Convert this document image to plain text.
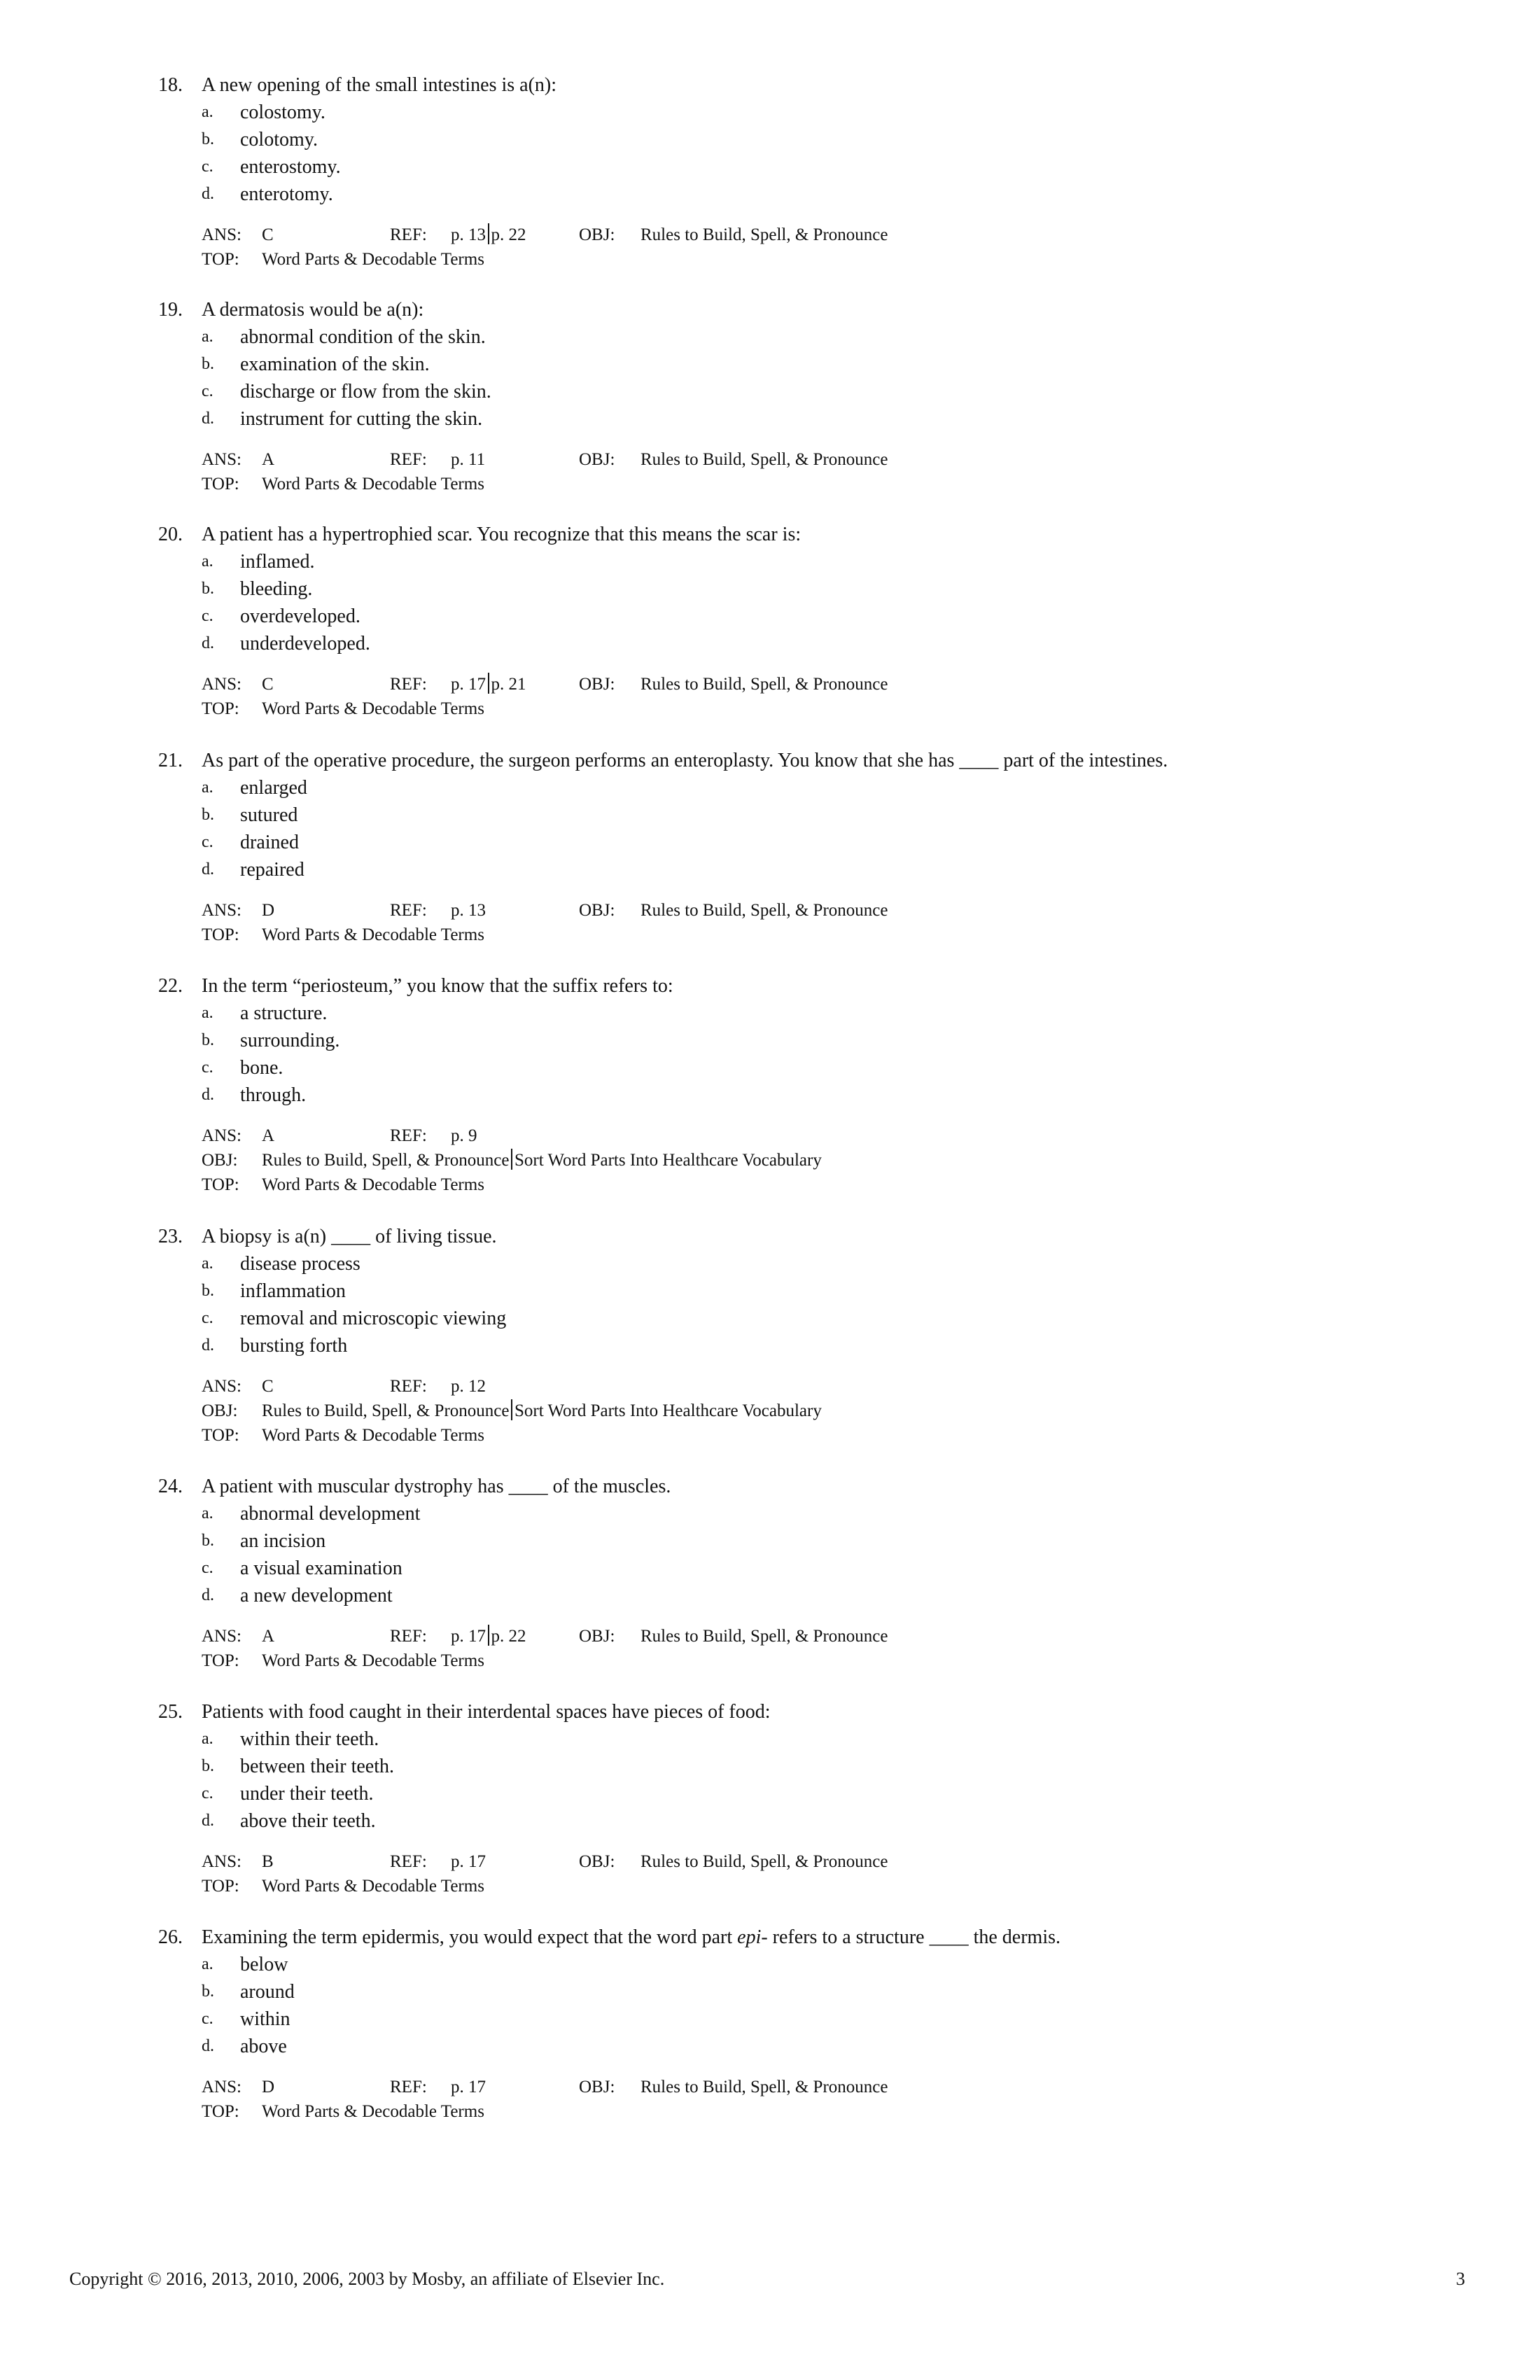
18. A new opening of the small intestines is a(n):
a. colostomy.
b. colotomy.
c. enterostomy.
d. enterotomy.
ANS: C	REF: p. 13 p. 22	OBJ: Rules to Build, Spell, & Pronounce
TOP: Word Parts & Decodable Terms
19. A dermatosis would be a(n):
a. abnormal condition of the skin.
b. examination of the skin.
c. discharge or flow from the skin.
d. instrument for cutting the skin.
ANS: A	REF: p. 11	OBJ: Rules to Build, Spell, & Pronounce
TOP: Word Parts & Decodable Terms
20. A patient has a hypertrophied scar. You recognize that this means the scar is:
a. inflamed.
b. bleeding.
c. overdeveloped.
d. underdeveloped.
ANS: C	REF: p. 17 p. 21	OBJ: Rules to Build, Spell, & Pronounce
TOP: Word Parts & Decodable Terms
21. As part of the operative procedure, the surgeon performs an enteroplasty. You know that she has ____ part of the intestines.
a. enlarged
b. sutured
c. drained
d. repaired
ANS: D	REF: p. 13	OBJ: Rules to Build, Spell, & Pronounce
TOP: Word Parts & Decodable Terms
22. In the term “periosteum,” you know that the suffix refers to:
a. a structure.
b. surrounding.
c. bone.
d. through.
ANS: A	REF: p. 9
OBJ: Rules to Build, Spell, & Pronounce Sort Word Parts Into Healthcare Vocabulary
TOP: Word Parts & Decodable Terms
23. A biopsy is a(n) ____ of living tissue.
a. disease process
b. inflammation
c. removal and microscopic viewing
d. bursting forth
ANS: C	REF: p. 12
OBJ: Rules to Build, Spell, & Pronounce Sort Word Parts Into Healthcare Vocabulary
TOP: Word Parts & Decodable Terms
24. A patient with muscular dystrophy has ____ of the muscles.
a. abnormal development
b. an incision
c. a visual examination
d. a new development
ANS: A	REF: p. 17 p. 22	OBJ: Rules to Build, Spell, & Pronounce
TOP: Word Parts & Decodable Terms
25. Patients with food caught in their interdental spaces have pieces of food:
a. within their teeth.
b. between their teeth.
c. under their teeth.
d. above their teeth.
ANS: B	REF: p. 17	OBJ: Rules to Build, Spell, & Pronounce
TOP: Word Parts & Decodable Terms
26. Examining the term epidermis, you would expect that the word part epi- refers to a structure ____ the dermis.
a. below
b. around
c. within
d. above
ANS: D	REF: p. 17	OBJ: Rules to Build, Spell, & Pronounce
TOP: Word Parts & Decodable Terms
Copyright © 2016, 2013, 2010, 2006, 2003 by Mosby, an affiliate of Elsevier Inc.	3
